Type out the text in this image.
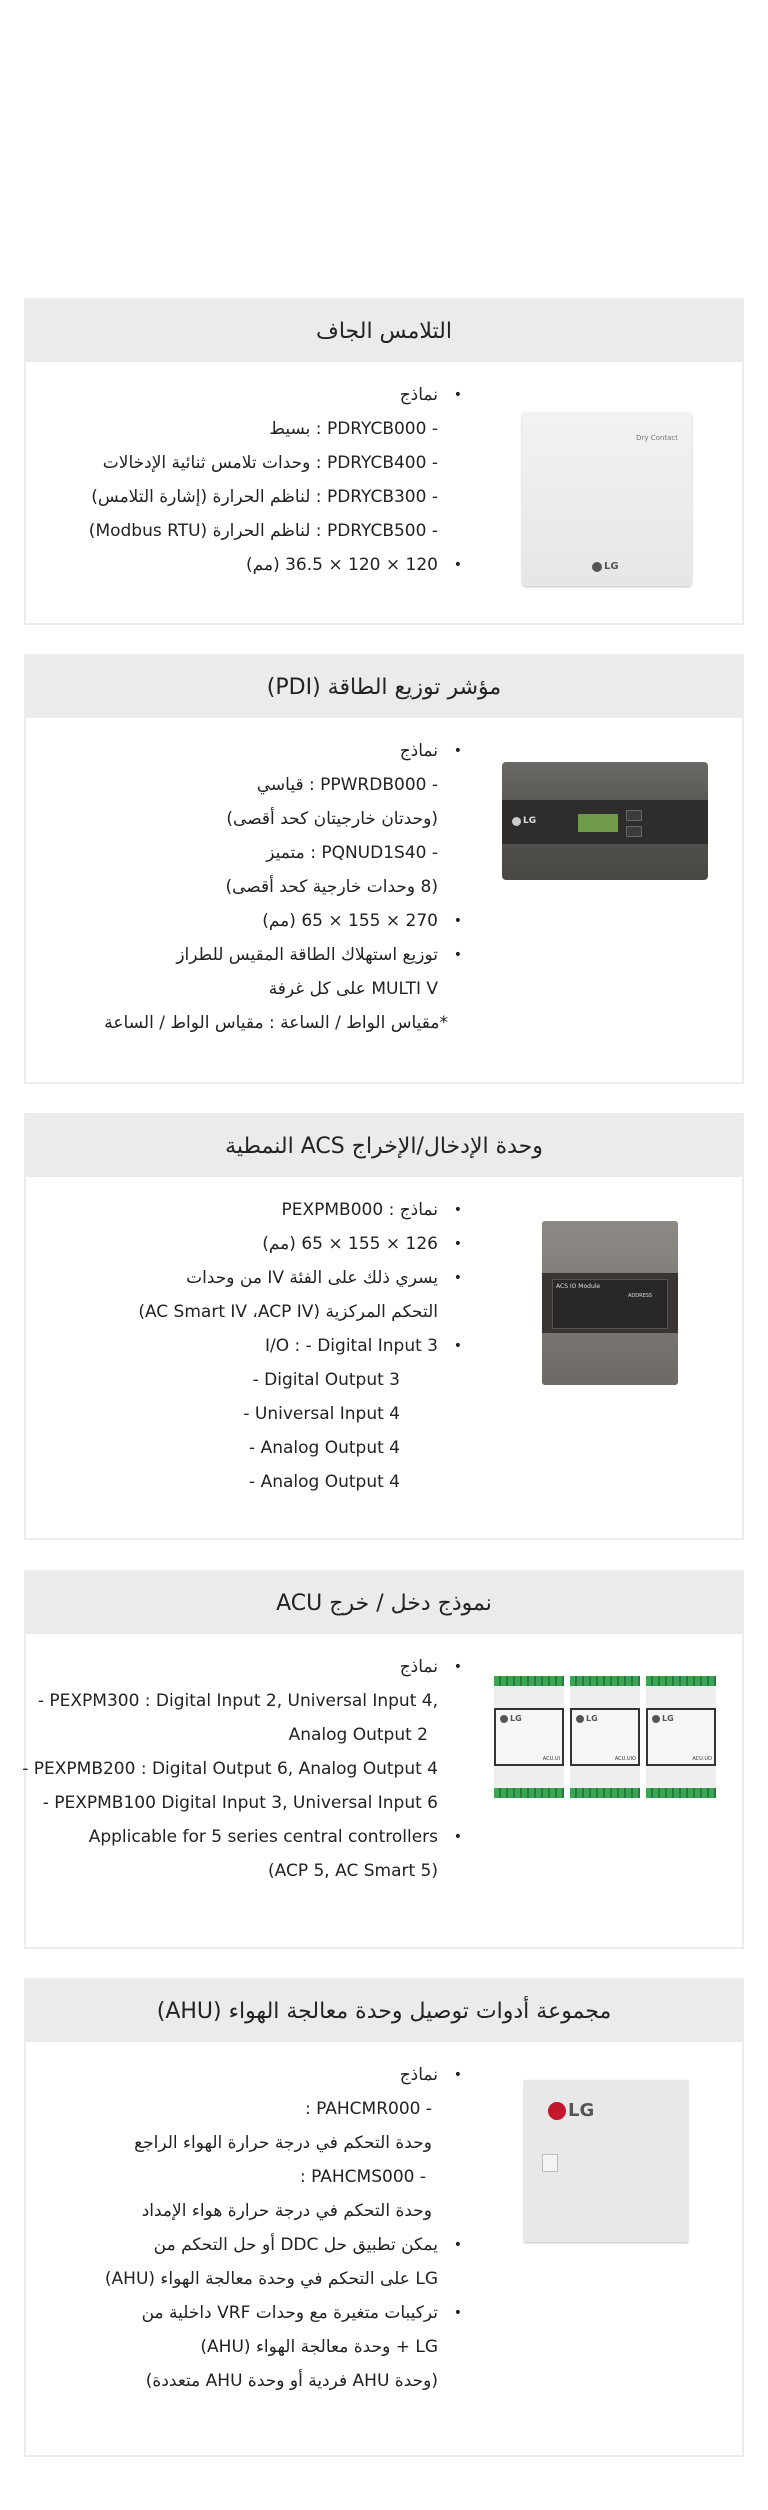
التلامس الجاف
Dry Contact
LG
•
نماذج
- PDRYCB000 : بسيط
- PDRYCB400 : وحدات تلامس ثنائية الإدخالات
- PDRYCB300 : لناظم الحرارة (إشارة التلامس)
- PDRYCB500 : لناظم الحرارة (Modbus RTU)
•
120 × 120 × 36.5 (مم)
مؤشر توزيع الطاقة (PDI)
LG
•
نماذج
- PPWRDB000 : قياسي
(وحدتان خارجيتان كحد أقصى)
- PQNUD1S40 : متميز
(8 وحدات خارجية كحد أقصى)
•
270 × 155 × 65 (مم)
•
توزيع استهلاك الطاقة المقيس للطراز
MULTI V على كل غرفة
*مقياس الواط / الساعة : مقياس الواط / الساعة
وحدة الإدخال/الإخراج ACS النمطية
ACS IO Module
ADDRESS
•
نماذج : PEXPMB000
•
126 × 155 × 65 (مم)
•
يسري ذلك على الفئة IV من وحدات
التحكم المركزية (AC Smart IV ،ACP IV)
•
I/O : - Digital Input 3
- Digital Output 3
- Universal Input 4
- Analog Output 4
- Analog Output 4
نموذج دخل / خرج ACU
LG
ACU.UI
LG
ACU.UIO
LG
ACU.UO
•
نماذج
- PEXPM300 : Digital Input 2, Universal Input 4,
Analog Output 2
- PEXPMB200 : Digital Output 6, Analog Output 4
- PEXPMB100 Digital Input 3, Universal Input 6
•
Applicable for 5 series central controllers
(ACP 5, AC Smart 5)
مجموعة أدوات توصيل وحدة معالجة الهواء (AHU)
LG
•
نماذج
- PAHCMR000 :
وحدة التحكم في درجة حرارة الهواء الراجع
- PAHCMS000 :
وحدة التحكم في درجة حرارة هواء الإمداد
•
يمكن تطبيق حل DDC أو حل التحكم من
LG على التحكم في وحدة معالجة الهواء (AHU)
•
تركيبات متغيرة مع وحدات VRF داخلية من
LG + وحدة معالجة الهواء (AHU)
(وحدة AHU فردية أو وحدة AHU متعددة)
